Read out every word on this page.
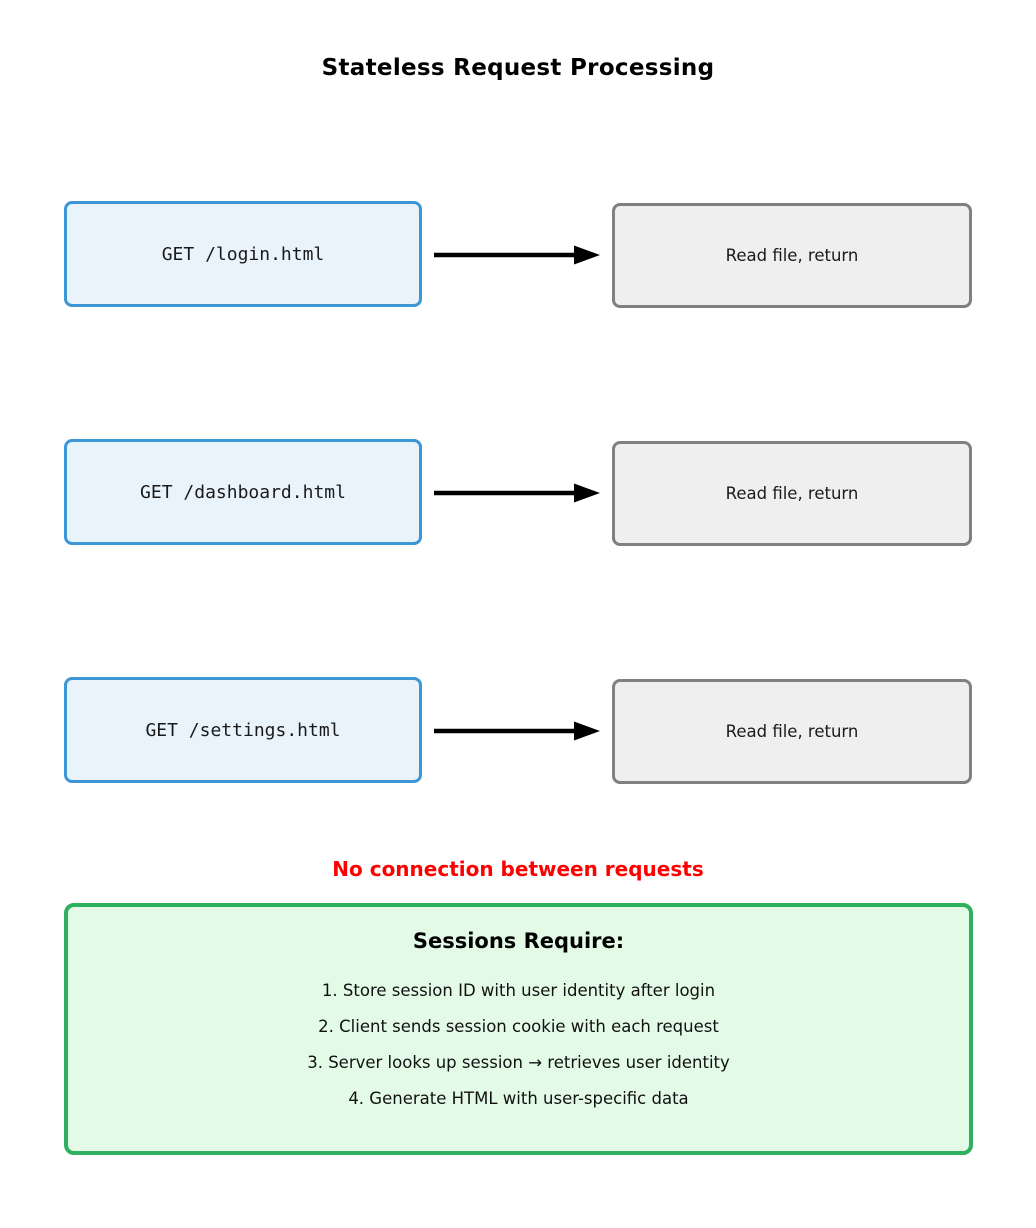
Stateless Request Processing
GET /login.html	Read file, return
GET /dashboard.html	Read file, return
GET /settings.html	Read file, return
No connection between requests
Sessions Require:
1. Store session ID with user identity after login
2. Client sends session cookie with each request
3. Server looks up session → retrieves user identity
4. Generate HTML with user-specific data
